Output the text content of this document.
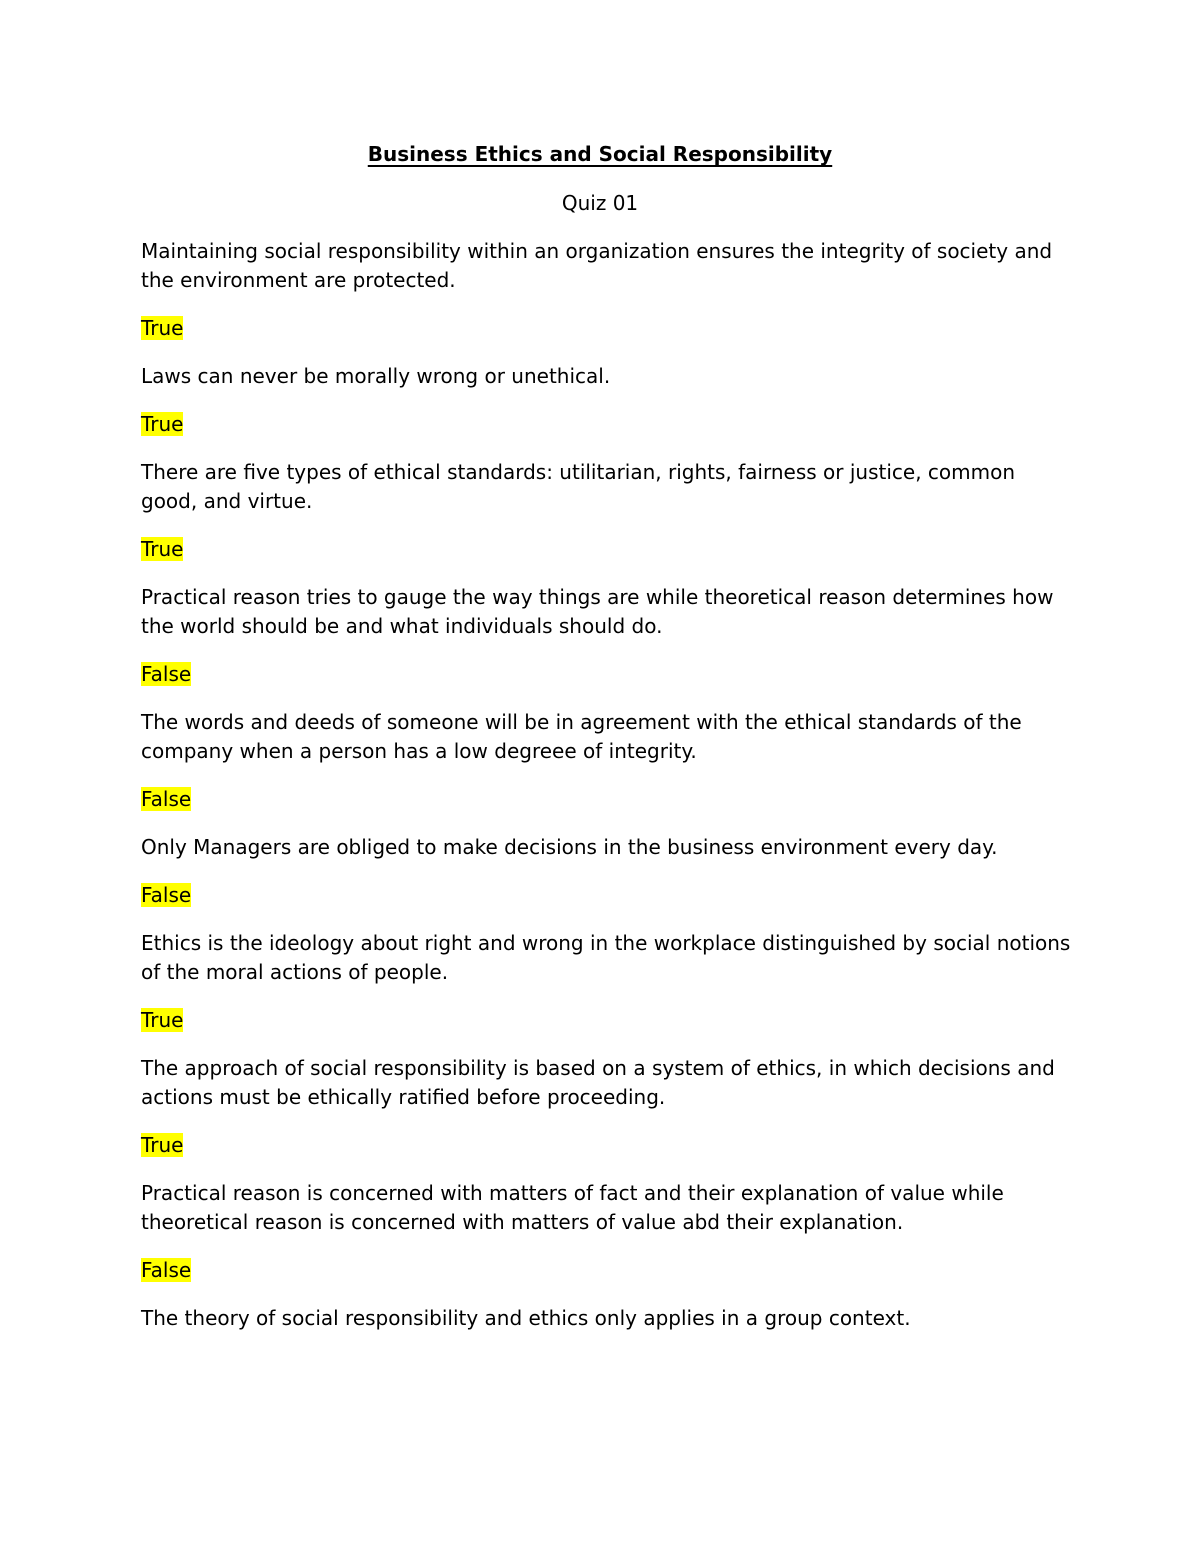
Business Ethics and Social Responsibility
Quiz 01

Maintaining social responsibility within an organization ensures the integrity of society and the environment are protected.

True

Laws can never be morally wrong or unethical.

True

There are five types of ethical standards: utilitarian, rights, fairness or justice, common good, and virtue.

True

Practical reason tries to gauge the way things are while theoretical reason determines how the world should be and what individuals should do.

False

The words and deeds of someone will be in agreement with the ethical standards of the company when a person has a low degreee of integrity.

False

Only Managers are obliged to make decisions in the business environment every day.

False

Ethics is the ideology about right and wrong in the workplace distinguished by social notions of the moral actions of people.

True

The approach of social responsibility is based on a system of ethics, in which decisions and actions must be ethically ratified before proceeding.

True

Practical reason is concerned with matters of fact and their explanation of value while theoretical reason is concerned with matters of value abd their explanation.

False

The theory of social responsibility and ethics only applies in a group context.
